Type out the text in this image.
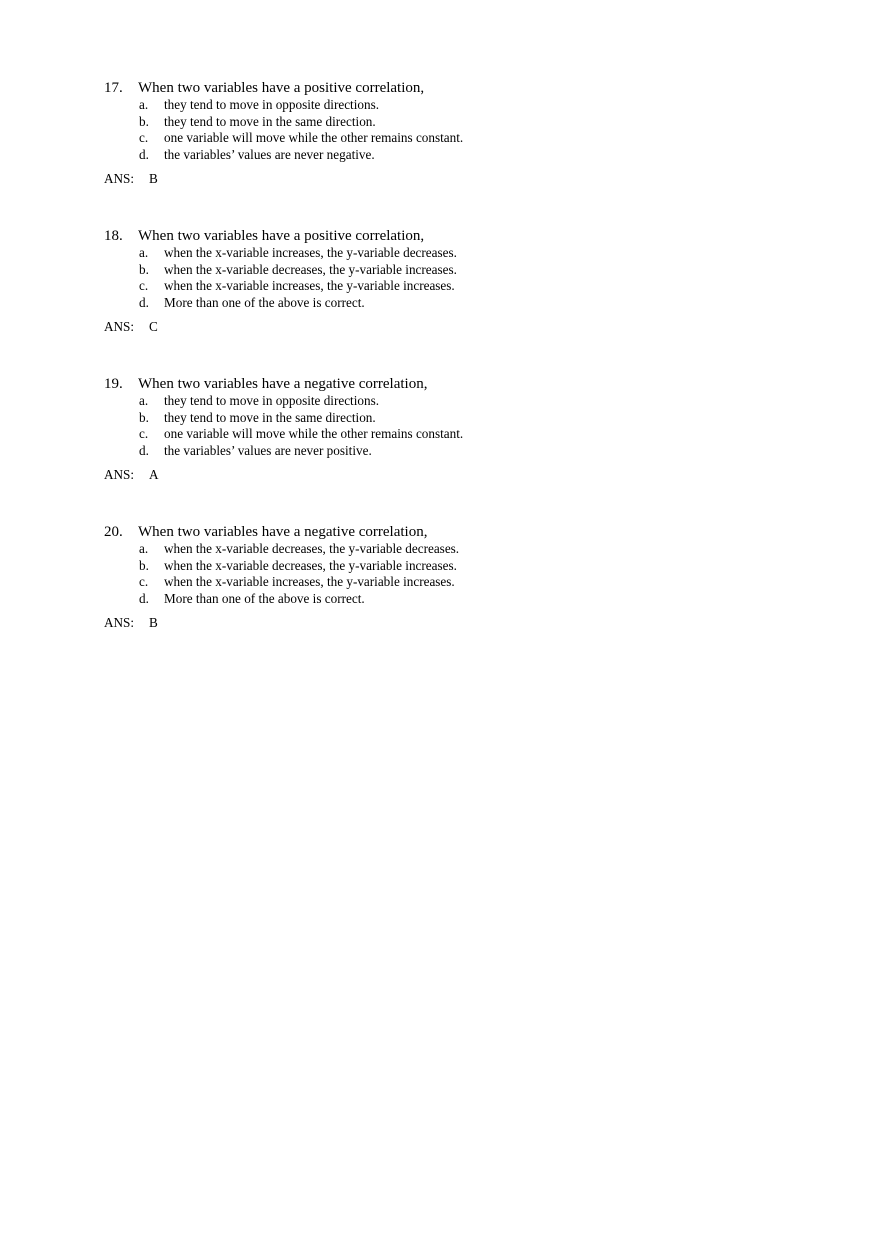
17. When two variables have a positive correlation,
a. they tend to move in opposite directions.
b. they tend to move in the same direction.
c. one variable will move while the other remains constant.
d. the variables’ values are never negative.
ANS: B
18. When two variables have a positive correlation,
a. when the x-variable increases, the y-variable decreases.
b. when the x-variable decreases, the y-variable increases.
c. when the x-variable increases, the y-variable increases.
d. More than one of the above is correct.
ANS: C
19. When two variables have a negative correlation,
a. they tend to move in opposite directions.
b. they tend to move in the same direction.
c. one variable will move while the other remains constant.
d. the variables’ values are never positive.
ANS: A
20. When two variables have a negative correlation,
a. when the x-variable decreases, the y-variable decreases.
b. when the x-variable decreases, the y-variable increases.
c. when the x-variable increases, the y-variable increases.
d. More than one of the above is correct.
ANS: B
